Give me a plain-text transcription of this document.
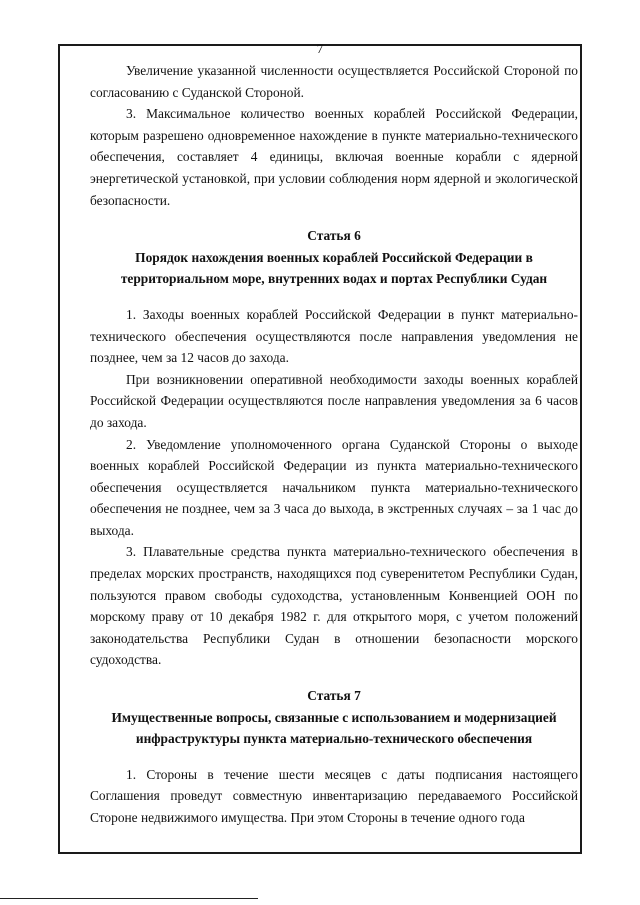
7

Увеличение указанной численности осуществляется Российской Стороной по согласованию с Суданской Стороной.

3. Максимальное количество военных кораблей Российской Федерации, которым разрешено одновременное нахождение в пункте материально-технического обеспечения, составляет 4 единицы, включая военные корабли с ядерной энергетической установкой, при условии соблюдения норм ядерной и экологической безопасности.

Статья 6

Порядок нахождения военных кораблей Российской Федерации в территориальном море, внутренних водах и портах Республики Судан

1. Заходы военных кораблей Российской Федерации в пункт материально-технического обеспечения осуществляются после направления уведомления не позднее, чем за 12 часов до захода.

При возникновении оперативной необходимости заходы военных кораблей Российской Федерации осуществляются после направления уведомления за 6 часов до захода.

2. Уведомление уполномоченного органа Суданской Стороны о выходе военных кораблей Российской Федерации из пункта материально-технического обеспечения осуществляется начальником пункта материально-технического обеспечения не позднее, чем за 3 часа до выхода, в экстренных случаях – за 1 час до выхода.

3. Плавательные средства пункта материально-технического обеспечения в пределах морских пространств, находящихся под суверенитетом Республики Судан, пользуются правом свободы судоходства, установленным Конвенцией ООН по морскому праву от 10 декабря 1982 г. для открытого моря, с учетом положений законодательства Республики Судан в отношении безопасности морского судоходства.

Статья 7

Имущественные вопросы, связанные с использованием и модернизацией инфраструктуры пункта материально-технического обеспечения

1. Стороны в течение шести месяцев с даты подписания настоящего Соглашения проведут совместную инвентаризацию передаваемого Российской Стороне недвижимого имущества. При этом Стороны в течение одного года
